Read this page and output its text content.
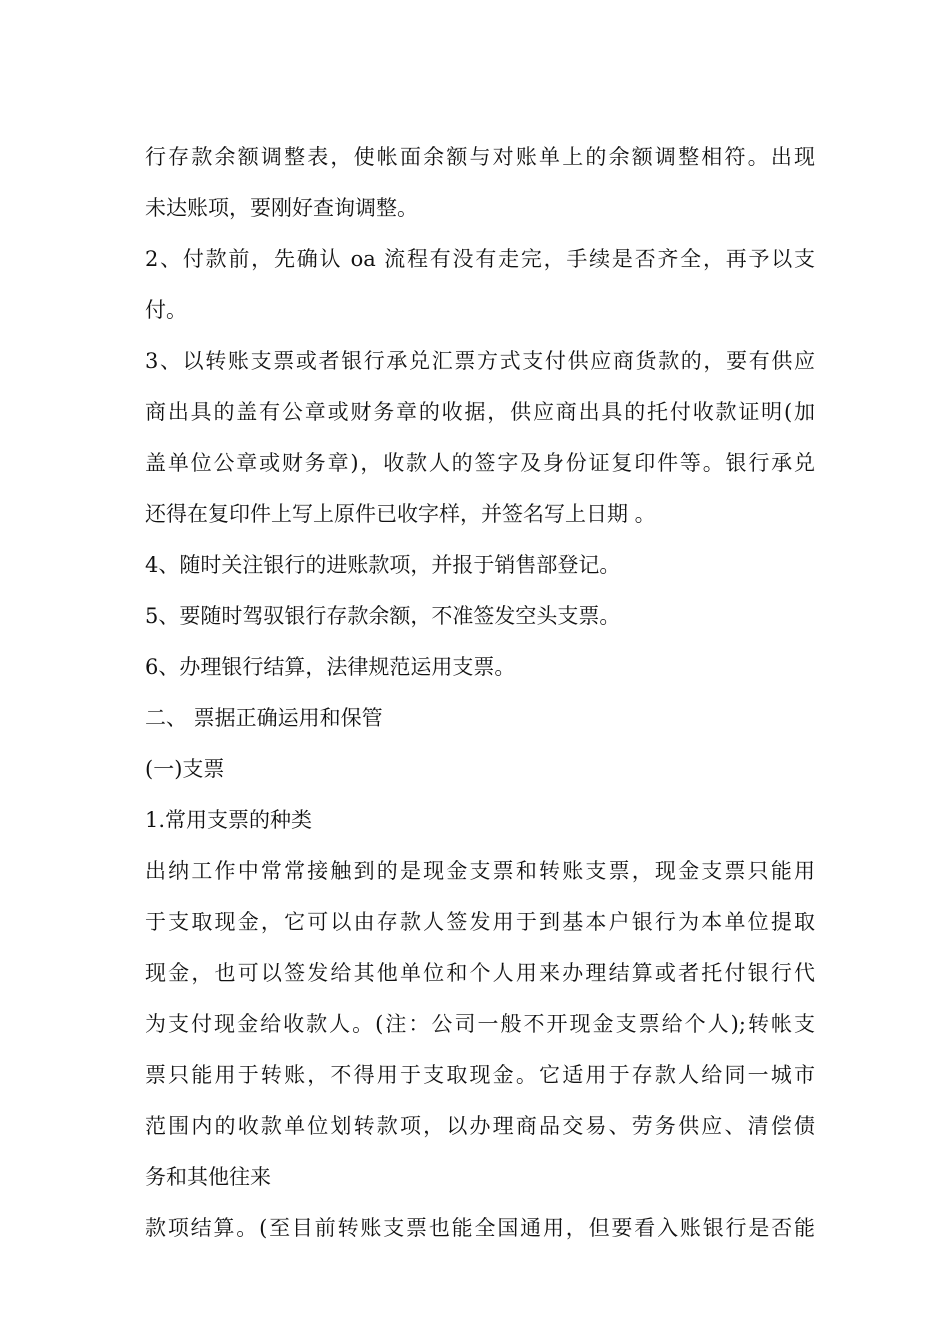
行存款余额调整表，使帐面余额与对账单上的余额调整相符。出现
未达账项，要刚好查询调整。
2、付款前，先确认 oa 流程有没有走完，手续是否齐全，再予以支
付。
3、以转账支票或者银行承兑汇票方式支付供应商货款的，要有供应
商出具的盖有公章或财务章的收据，供应商出具的托付收款证明(加
盖单位公章或财务章)，收款人的签字及身份证复印件等。银行承兑
还得在复印件上写上原件已收字样，并签名写上日期 。
4、随时关注银行的进账款项，并报于销售部登记。
5、要随时驾驭银行存款余额，不准签发空头支票。
6、办理银行结算，法律规范运用支票。
二、 票据正确运用和保管
(一)支票
1.常用支票的种类
出纳工作中常常接触到的是现金支票和转账支票，现金支票只能用
于支取现金，它可以由存款人签发用于到基本户银行为本单位提取
现金，也可以签发给其他单位和个人用来办理结算或者托付银行代
为支付现金给收款人。(注：公司一般不开现金支票给个人);转帐支
票只能用于转账，不得用于支取现金。它适用于存款人给同一城市
范围内的收款单位划转款项，以办理商品交易、劳务供应、清偿债
务和其他往来
款项结算。(至目前转账支票也能全国通用，但要看入账银行是否能
